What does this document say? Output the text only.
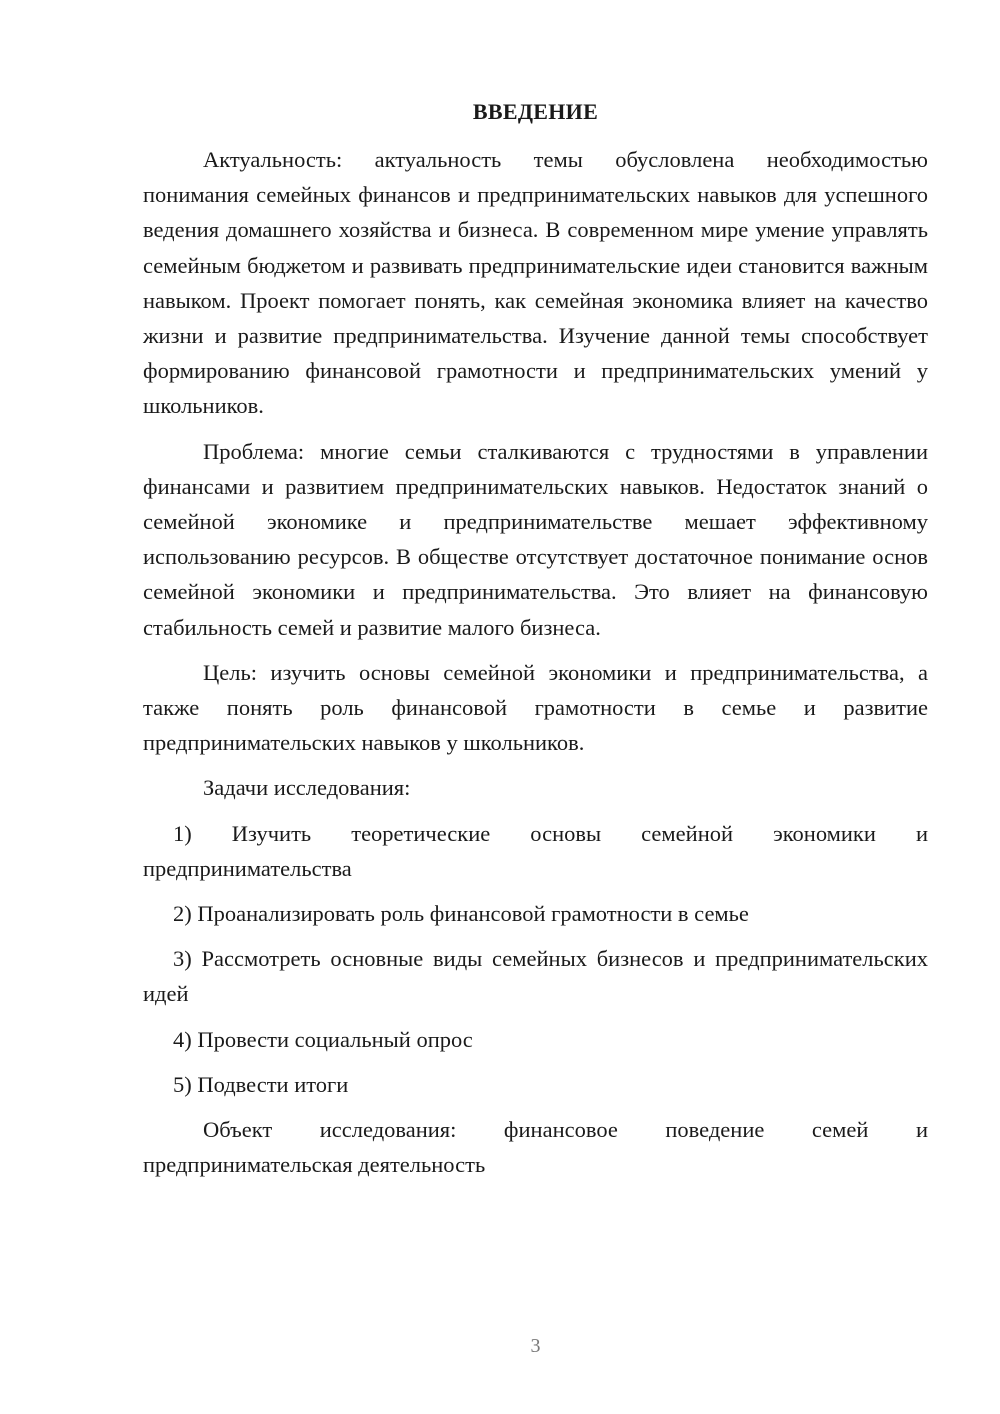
ВВЕДЕНИЕ

Актуальность: актуальность темы обусловлена необходимостью понимания семейных финансов и предпринимательских навыков для успешного ведения домашнего хозяйства и бизнеса. В современном мире умение управлять семейным бюджетом и развивать предпринимательские идеи становится важным навыком. Проект помогает понять, как семейная экономика влияет на качество жизни и развитие предпринимательства. Изучение данной темы способствует формированию финансовой грамотности и предпринимательских умений у школьников.

Проблема: многие семьи сталкиваются с трудностями в управлении финансами и развитием предпринимательских навыков. Недостаток знаний о семейной экономике и предпринимательстве мешает эффективному использованию ресурсов. В обществе отсутствует достаточное понимание основ семейной экономики и предпринимательства. Это влияет на финансовую стабильность семей и развитие малого бизнеса.

Цель: изучить основы семейной экономики и предпринимательства, а также понять роль финансовой грамотности в семье и развитие предпринимательских навыков у школьников.

Задачи исследования:

1) Изучить теоретические основы семейной экономики и предпринимательства

2) Проанализировать роль финансовой грамотности в семье

3) Рассмотреть основные виды семейных бизнесов и предпринимательских идей

4) Провести социальный опрос

5) Подвести итоги

Объект исследования: финансовое поведение семей и предпринимательская деятельность

3
